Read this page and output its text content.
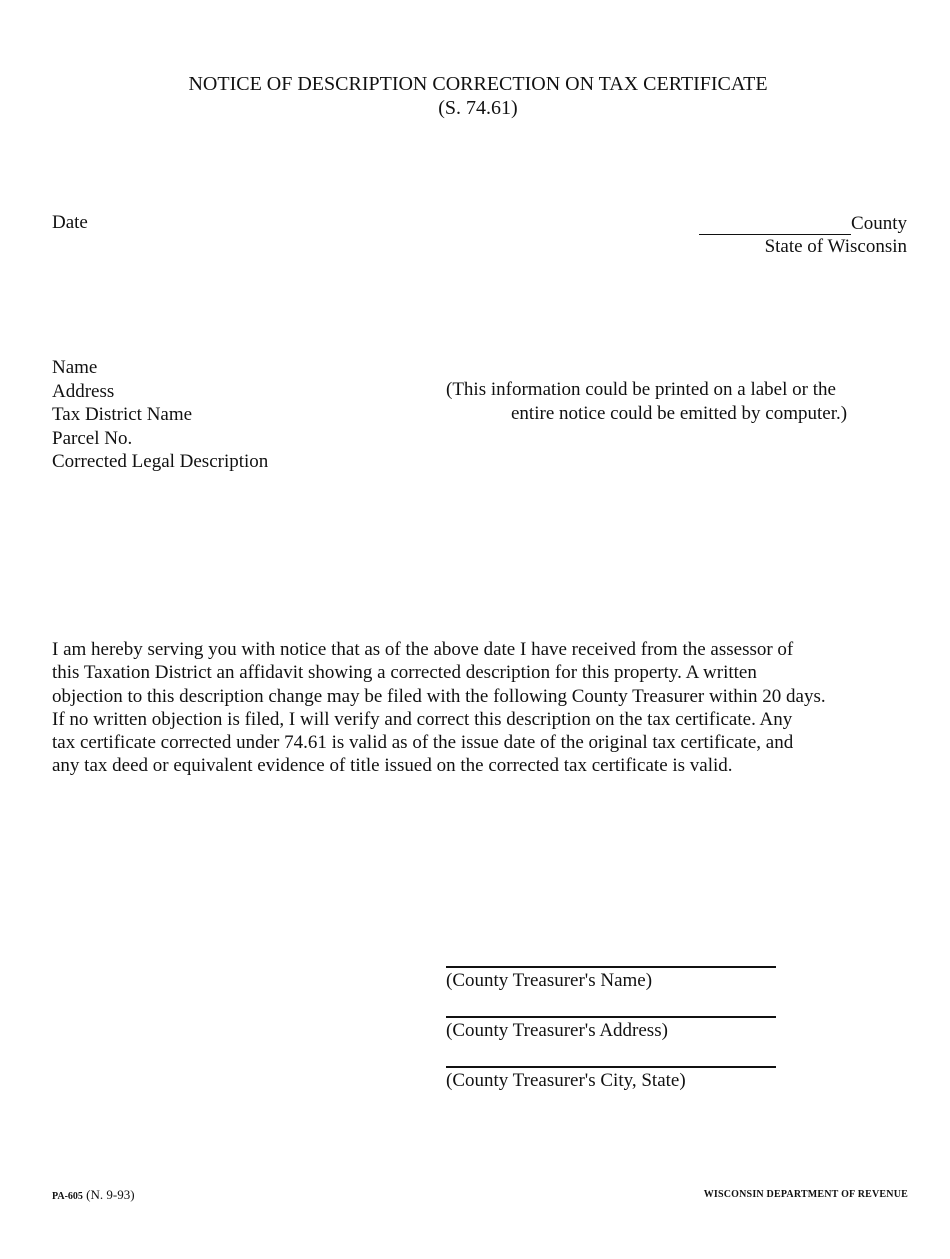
NOTICE OF DESCRIPTION CORRECTION ON TAX CERTIFICATE
(S. 74.61)
Date	County
State of Wisconsin
Name
Address
Tax District Name
Parcel No.
Corrected Legal Description
(This information could be printed on a label or the
entire notice could be emitted by computer.)
I am hereby serving you with notice that as of the above date I have received from the assessor of
this Taxation District an affidavit showing a corrected description for this property. A written
objection to this description change may be filed with the following County Treasurer within 20 days.
If no written objection is filed, I will verify and correct this description on the tax certificate. Any
tax certificate corrected under 74.61 is valid as of the issue date of the original tax certificate, and
any tax deed or equivalent evidence of title issued on the corrected tax certificate is valid.
(County Treasurer's Name)
(County Treasurer's Address)
(County Treasurer's City, State)
PA-605 (N. 9-93)	WISCONSIN DEPARTMENT OF REVENUE
